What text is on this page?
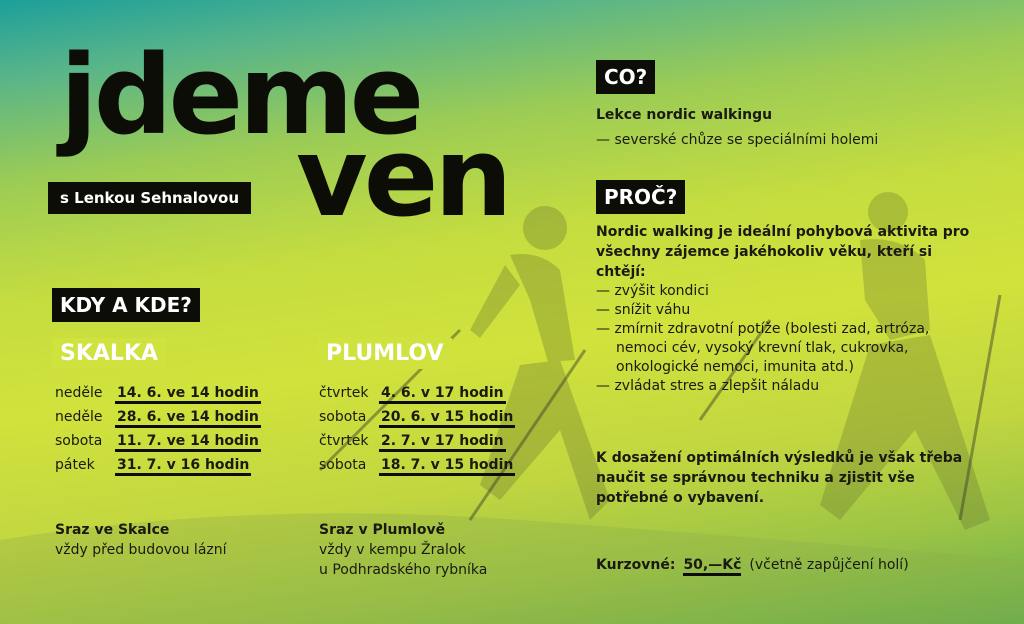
jdeme
ven
s Lenkou Sehnalovou
KDY A KDE?
SKALKA	PLUMLOV
neděle	14. 6. ve 14 hodin
neděle	28. 6. ve 14 hodin
sobota	11. 7. ve 14 hodin
pátek	31. 7. v 16 hodin
čtvrtek 4. 6. v 17 hodin
sobota	20. 6. v 15 hodin
čtvrtek 2. 7. v 17 hodin
sobota	18. 7. v 15 hodin
Sraz ve Skalce
vždy před budovou lázní
Sraz v Plumlově
vždy v kempu Žralok
u Podhradského rybníka
CO?
Lekce nordic walkingu
— severské chůze se speciálními holemi
PROČ?
Nordic walking je ideální pohybová aktivita pro všechny zájemce jakéhokoliv věku, kteří si chtějí:
— zvýšit kondici
— snížit váhu
— zmírnit zdravotní potíže (bolesti zad, artróza,
nemoci cév, vysoký krevní tlak, cukrovka,
onkologické nemoci, imunita atd.)
— zvládat stres a zlepšit náladu
K dosažení optimálních výsledků je však třeba naučit se správnou techniku a zjistit vše potřebné o vybavení.
Kurzovné: 50,—Kč (včetně zapůjčení holí)
